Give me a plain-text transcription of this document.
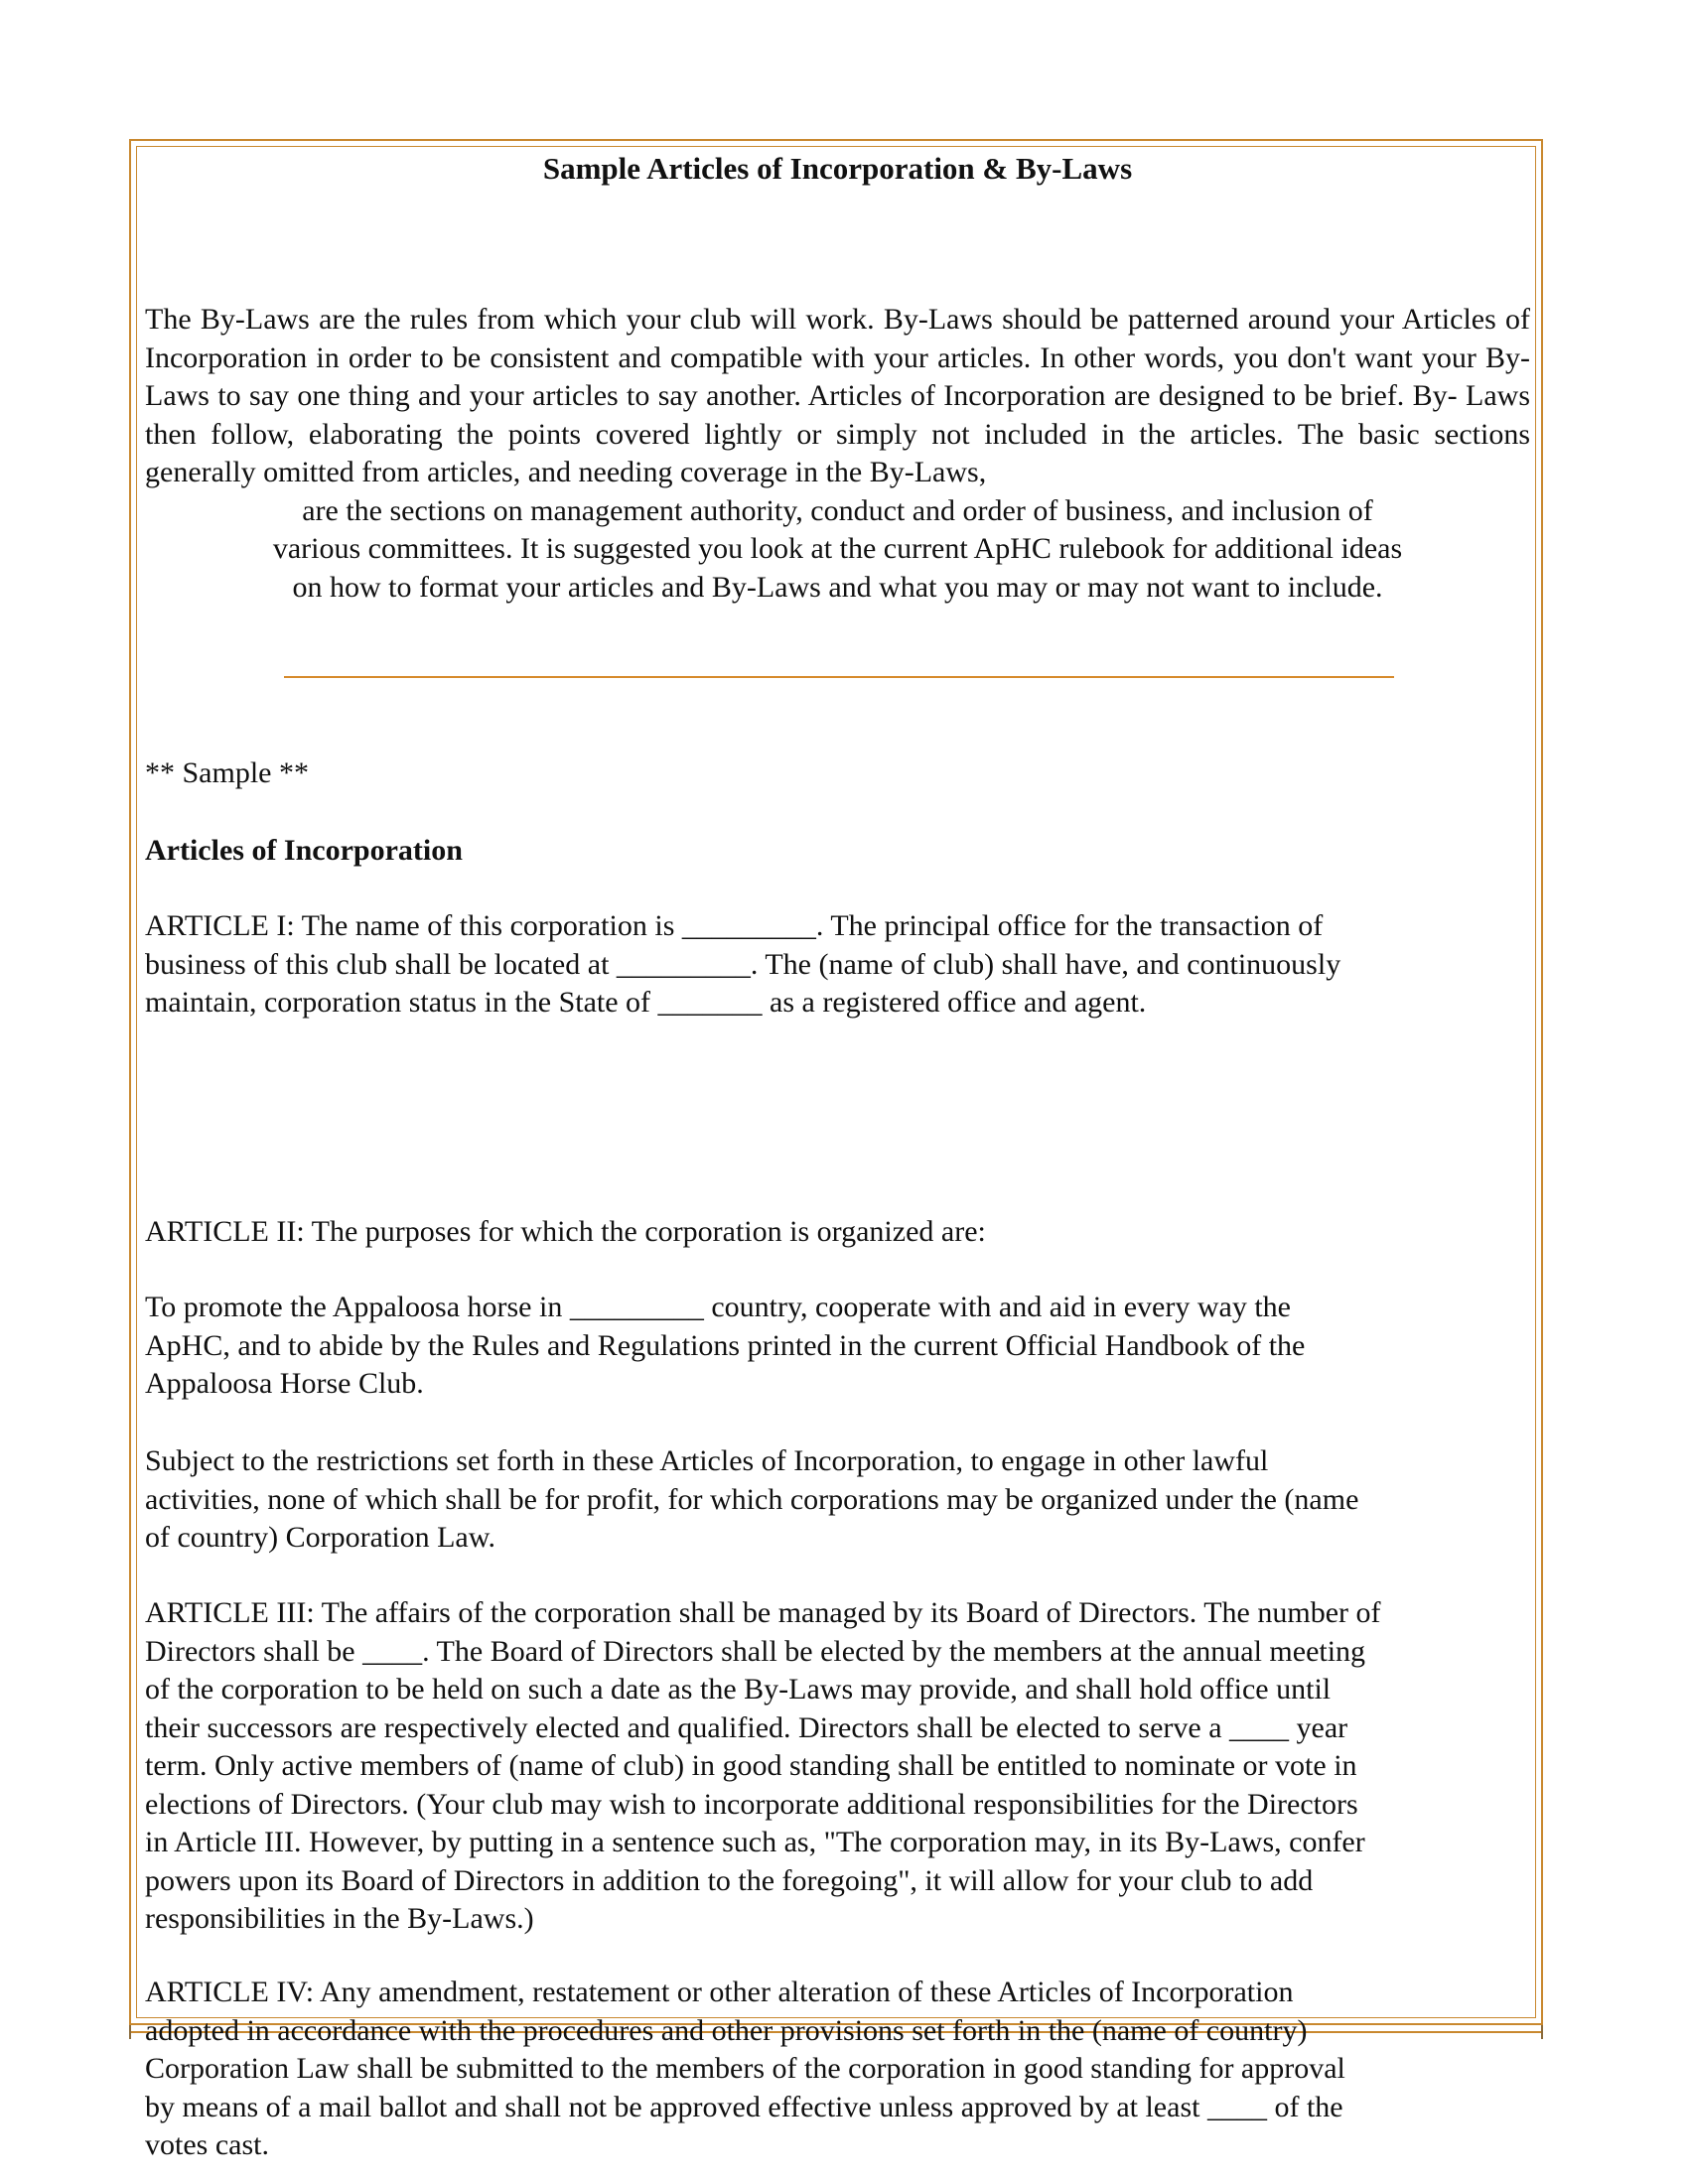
Sample Articles of Incorporation & By-Laws

The By-Laws are the rules from which your club will work. By-Laws should be patterned around your Articles of Incorporation in order to be consistent and compatible with your articles. In other words, you don't want your By-Laws to say one thing and your articles to say another. Articles of Incorporation are designed to be brief. By- Laws then follow, elaborating the points covered lightly or simply not included in the articles. The basic sections generally omitted from articles, and needing coverage in the By-Laws,

are the sections on management authority, conduct and order of business, and inclusion of

various committees. It is suggested you look at the current ApHC rulebook for additional ideas

on how to format your articles and By-Laws and what you may or may not want to include.

** Sample **

Articles of Incorporation

ARTICLE I: The name of this corporation is _________. The principal office for the transaction of
business of this club shall be located at _________. The (name of club) shall have, and continuously
maintain, corporation status in the State of _______ as a registered office and agent.

ARTICLE II: The purposes for which the corporation is organized are:

To promote the Appaloosa horse in _________ country, cooperate with and aid in every way the
ApHC, and to abide by the Rules and Regulations printed in the current Official Handbook of the
Appaloosa Horse Club.
Subject to the restrictions set forth in these Articles of Incorporation, to engage in other lawful
activities, none of which shall be for profit, for which corporations may be organized under the (name
of country) Corporation Law.
ARTICLE III: The affairs of the corporation shall be managed by its Board of Directors. The number of
Directors shall be ____. The Board of Directors shall be elected by the members at the annual meeting
of the corporation to be held on such a date as the By-Laws may provide, and shall hold office until
their successors are respectively elected and qualified. Directors shall be elected to serve a ____ year
term. Only active members of (name of club) in good standing shall be entitled to nominate or vote in
elections of Directors. (Your club may wish to incorporate additional responsibilities for the Directors
in Article III. However, by putting in a sentence such as, "The corporation may, in its By-Laws, confer
powers upon its Board of Directors in addition to the foregoing", it will allow for your club to add
responsibilities in the By-Laws.)
ARTICLE IV: Any amendment, restatement or other alteration of these Articles of Incorporation
adopted in accordance with the procedures and other provisions set forth in the (name of country)
Corporation Law shall be submitted to the members of the corporation in good standing for approval
by means of a mail ballot and shall not be approved effective unless approved by at least ____ of the
votes cast.
